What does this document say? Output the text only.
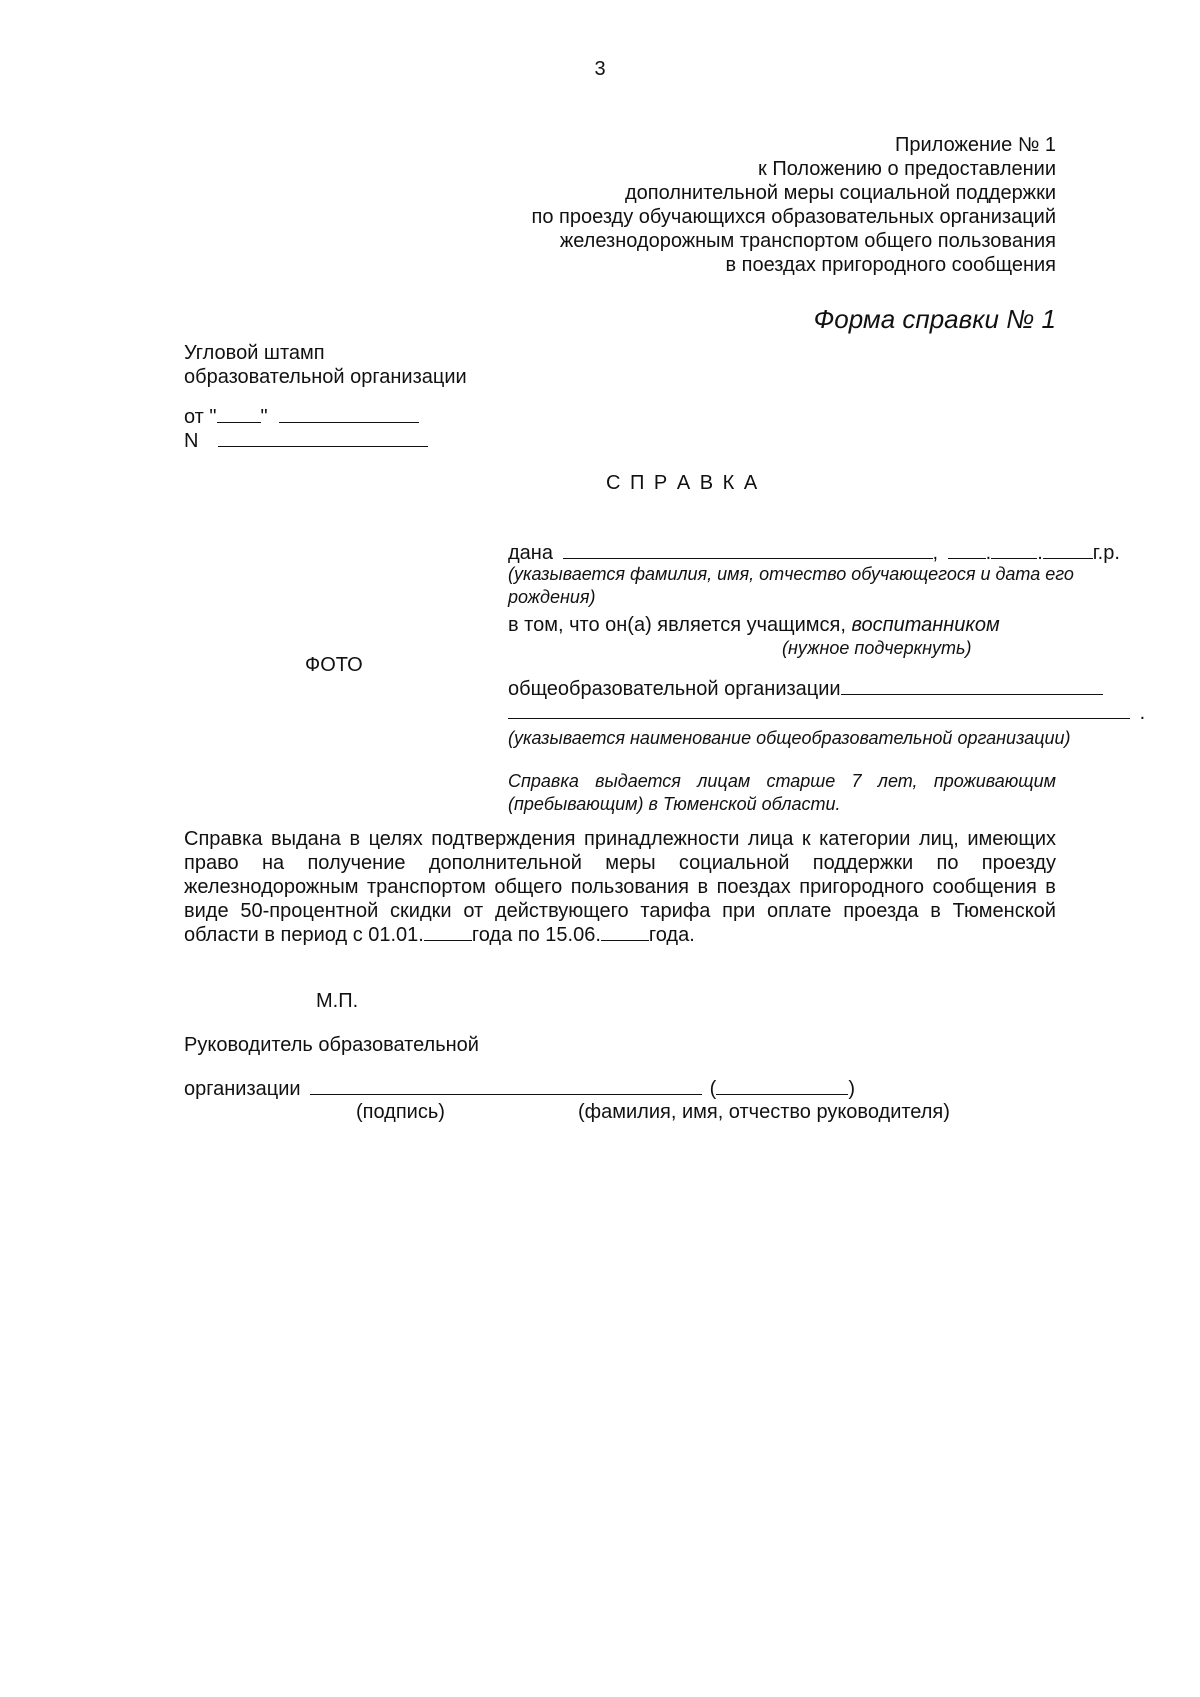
3
Приложение № 1
к Положению о предоставлении
дополнительной меры социальной поддержки
по проезду обучающихся образовательных организаций
железнодорожным транспортом общего пользования
в поездах пригородного сообщения
Форма справки № 1
Угловой штамп
образовательной организации
от " "
N
С П Р А В К А
ФОТО
дана	, . .	г.р.
(указывается фамилия, имя, отчество обучающегося и дата его
рождения)
в том, что он(а) является учащимся, воспитанником
(нужное подчеркнуть)
общеобразовательной организации
.
(указывается наименование общеобразовательной организации)
Справка выдается лицам старше 7 лет, проживающим
(пребывающим) в Тюменской области.
Справка выдана в целях подтверждения принадлежности лица к категории лиц, имеющих
право на получение дополнительной меры социальной поддержки по проезду
железнодорожным транспортом общего пользования в поездах пригородного сообщения в
виде 50-процентной скидки от действующего тарифа при оплате проезда в Тюменской
области в период с 01.01. года по 15.06. года.
М.П.
Руководитель образовательной
организации	(	)
(подпись)	(фамилия, имя, отчество руководителя)
